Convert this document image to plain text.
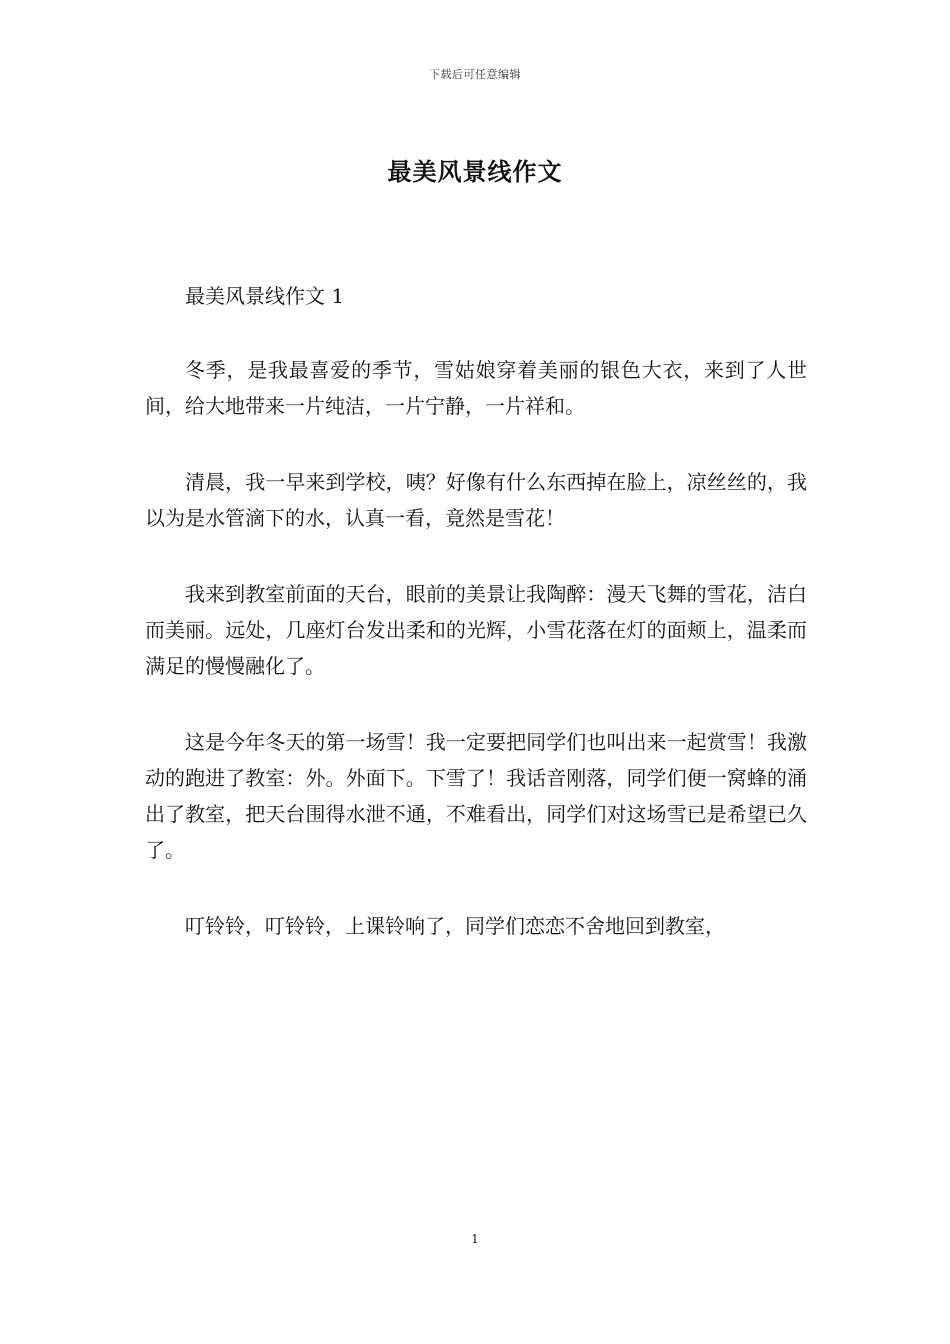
下载后可任意编辑
最美风景线作文

最美风景线作文 1

冬季，是我最喜爱的季节，雪姑娘穿着美丽的银色大衣，来到了人世间，给大地带来一片纯洁，一片宁静，一片祥和。

清晨，我一早来到学校，咦？好像有什么东西掉在脸上，凉丝丝的，我以为是水管滴下的水，认真一看，竟然是雪花！

我来到教室前面的天台，眼前的美景让我陶醉：漫天飞舞的雪花，洁白而美丽。远处，几座灯台发出柔和的光辉，小雪花落在灯的面颊上，温柔而满足的慢慢融化了。

这是今年冬天的第一场雪！我一定要把同学们也叫出来一起赏雪！我激动的跑进了教室：外。外面下。下雪了！我话音刚落，同学们便一窝蜂的涌出了教室，把天台围得水泄不通，不难看出，同学们对这场雪已是希望已久了。

叮铃铃，叮铃铃，上课铃响了，同学们恋恋不舍地回到教室，

1
